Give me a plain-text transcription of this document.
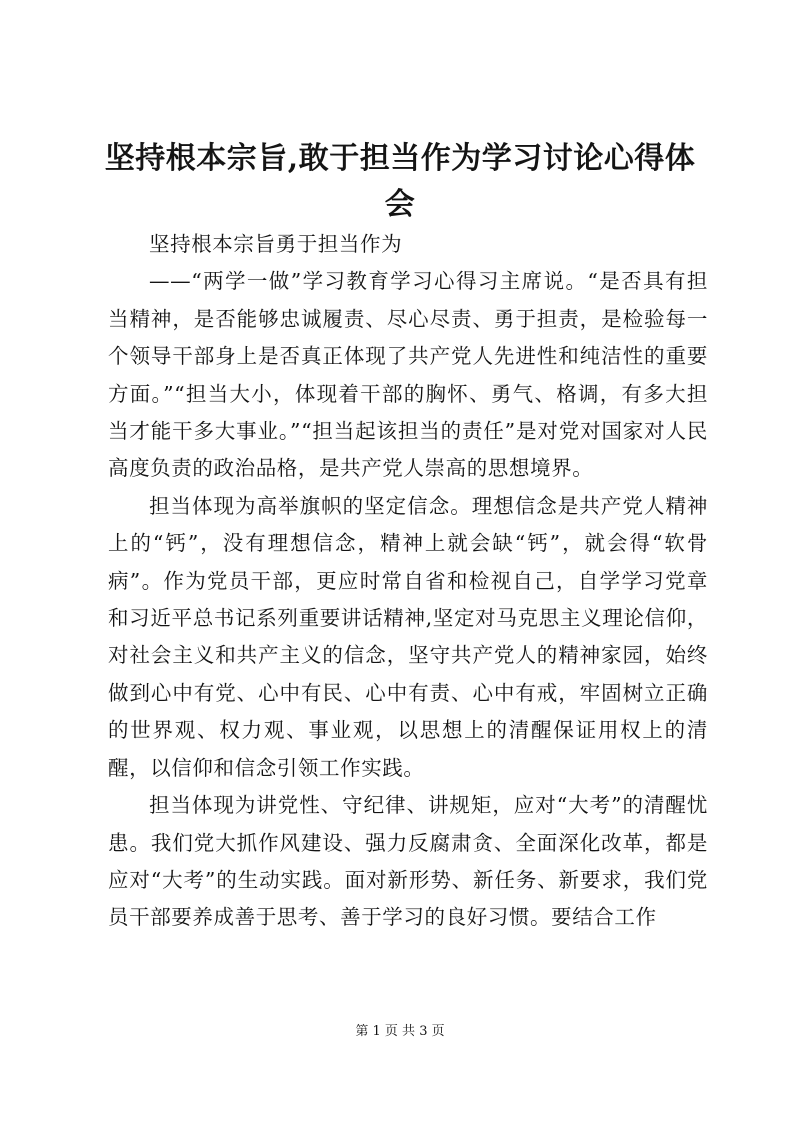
坚持根本宗旨,敢于担当作为学习讨论心得体会

坚持根本宗旨勇于担当作为

——“两学一做”学习教育学习心得习主席说。“是否具有担当精神，是否能够忠诚履责、尽心尽责、勇于担责，是检验每一个领导干部身上是否真正体现了共产党人先进性和纯洁性的重要方面。”“担当大小，体现着干部的胸怀、勇气、格调，有多大担当才能干多大事业。”“担当起该担当的责任”是对党对国家对人民高度负责的政治品格，是共产党人崇高的思想境界。

担当体现为高举旗帜的坚定信念。理想信念是共产党人精神上的“钙”，没有理想信念，精神上就会缺“钙”，就会得“软骨病”。作为党员干部，更应时常自省和检视自己，自学学习党章和习近平总书记系列重要讲话精神,坚定对马克思主义理论信仰，对社会主义和共产主义的信念，坚守共产党人的精神家园，始终做到心中有党、心中有民、心中有责、心中有戒，牢固树立正确的世界观、权力观、事业观，以思想上的清醒保证用权上的清醒，以信仰和信念引领工作实践。

担当体现为讲党性、守纪律、讲规矩，应对“大考”的清醒忧患。我们党大抓作风建设、强力反腐肃贪、全面深化改革，都是应对“大考”的生动实践。面对新形势、新任务、新要求，我们党员干部要养成善于思考、善于学习的良好习惯。要结合工作

第 1 页 共 3 页
